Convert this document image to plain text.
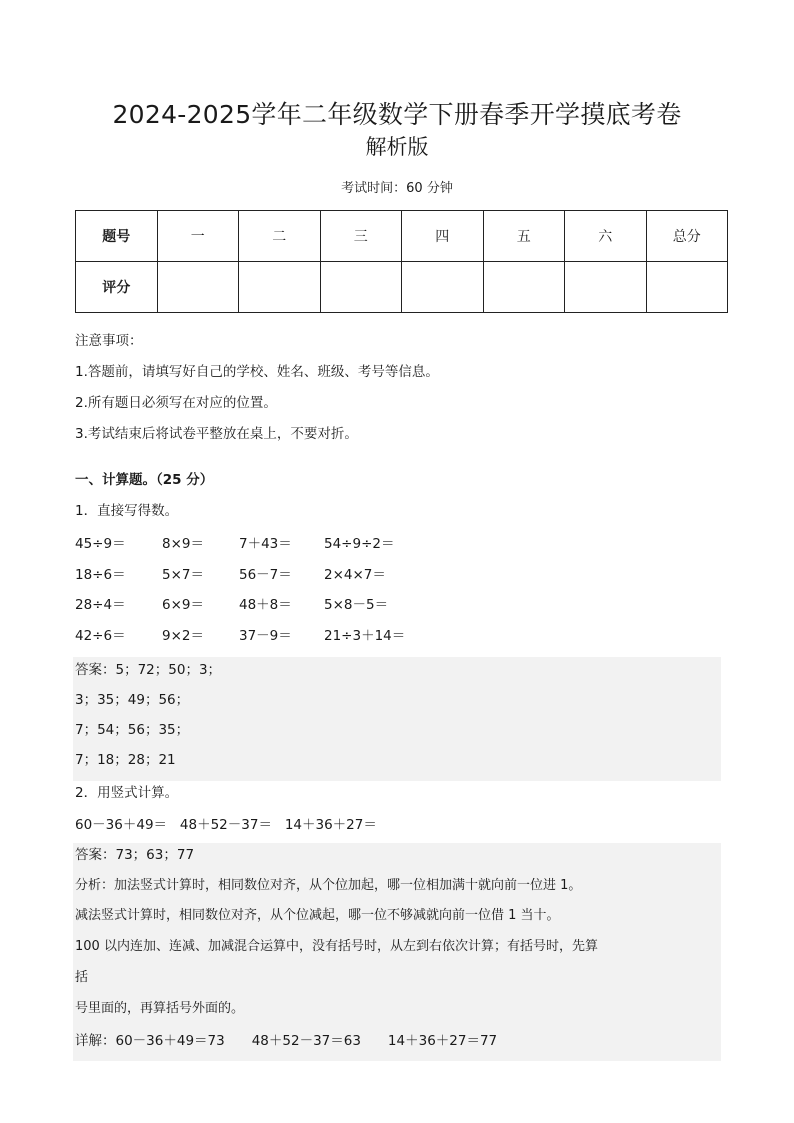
2024-2025学年二年级数学下册春季开学摸底考卷
解析版
考试时间：60 分钟
题号	一	二	三	四	五	六	总分
评分							
注意事项：
1.答题前，请填写好自己的学校、姓名、班级、考号等信息。
2.所有题日必须写在对应的位置。
3.考试结束后将试卷平整放在桌上，不要对折。
一、计算题。（25 分）
1．直接写得数。
45÷9＝	8×9＝	7＋43＝ 54÷9÷2＝
18÷6＝	5×7＝	56－7＝ 2×4×7＝
28÷4＝	6×9＝	48＋8＝ 5×8－5＝
42÷6＝	9×2＝	37－9＝ 21÷3＋14＝
答案：5；72；50；3；
3；35；49；56；
7；54；56；35；
7；18；28；21
2．用竖式计算。
60－36＋49＝   48＋52－37＝   14＋36＋27＝
答案：73；63；77
分析：加法竖式计算时，相同数位对齐，从个位加起，哪一位相加满十就向前一位进 1。
减法竖式计算时，相同数位对齐，从个位减起，哪一位不够减就向前一位借 1 当十。
100 以内连加、连减、加减混合运算中，没有括号时，从左到右依次计算；有括号时，先算
括
号里面的，再算括号外面的。
详解：60－36＋49＝73　　48＋52－37＝63　　14＋36＋27＝77
